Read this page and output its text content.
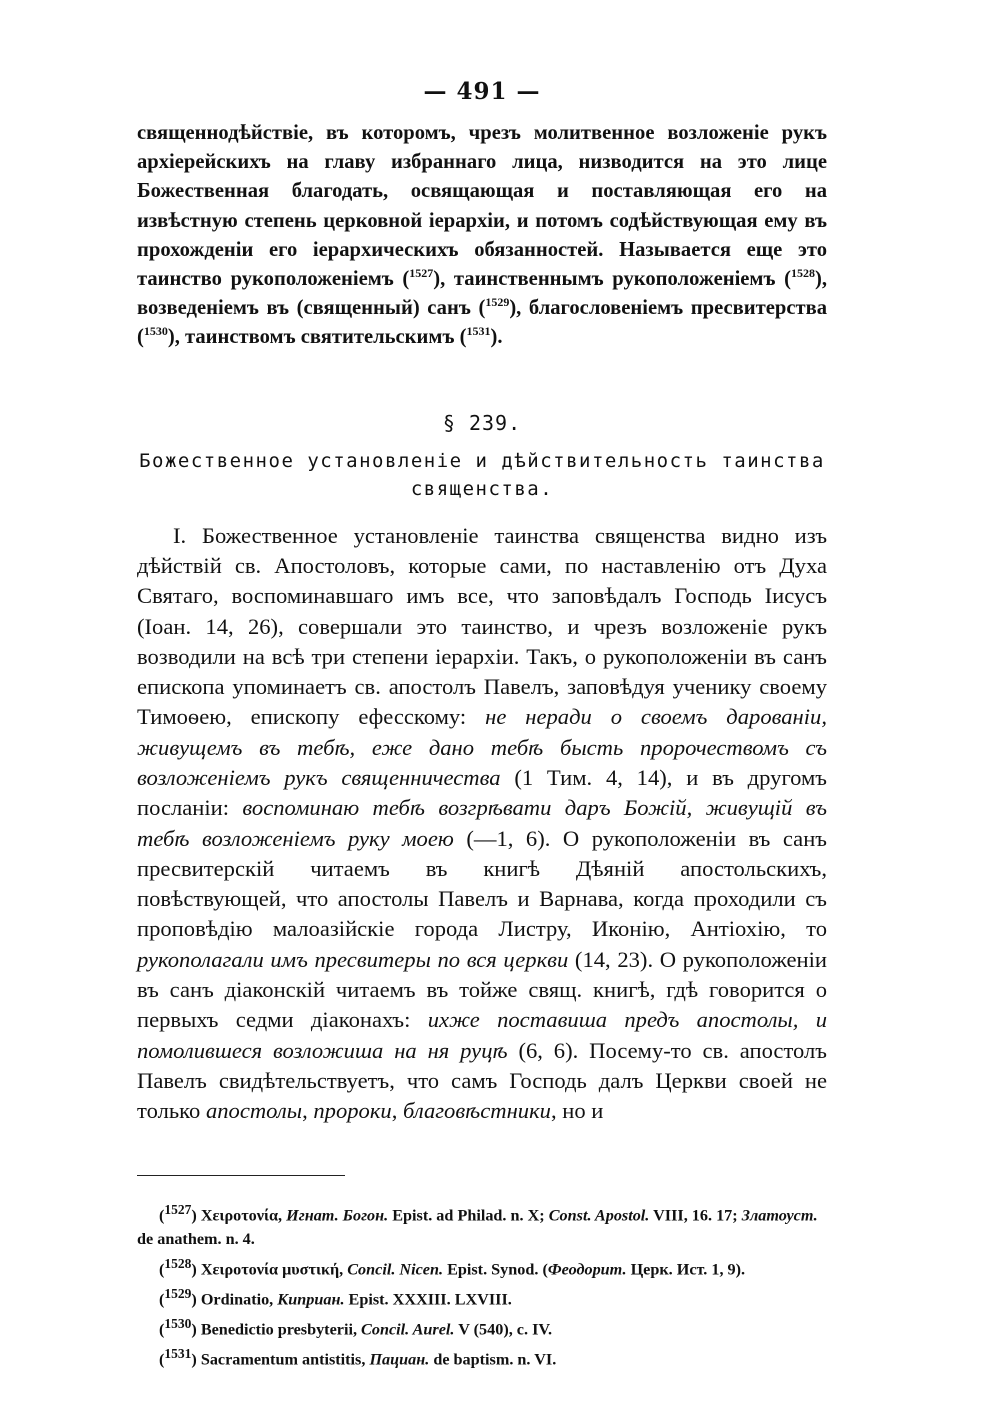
— 491 —

священнодѣйствіе, въ которомъ, чрезъ молитвенное возложеніе рукъ архіерейскихъ на главу избраннаго лица, низводится на это лице Божественная благодать, освящающая и поставляющая его на извѣстную степень церковной іерархіи, и потомъ содѣйствующая ему въ прохожденіи его іерархическихъ обязанностей. Называется еще это таинство рукоположеніемъ ($^{1527}$), таинственнымъ рукоположеніемъ ($^{1528}$), возведеніемъ въ (священный) санъ ($^{1529}$), благословеніемъ пресвитерства ($^{1530}$), таинствомъ святительскимъ ($^{1531}$).

§ 239.
Божественное установленіе и дѣйствительность таинства священства.

I. Божественное установленіе таинства священства видно изъ дѣйствій св. Апостоловъ, которые сами, по наставленію отъ Духа Святаго, воспоминавшаго имъ все, что заповѣдалъ Господь Іисусъ (Іоан. 14, 26), совершали это таинство, и чрезъ возложеніе рукъ возводили на всѣ три степени іерархіи. Такъ, о рукоположеніи въ санъ епископа упоминаетъ св. апостолъ Павелъ, заповѣдуя ученику своему Тимоѳею, епископу ефесскому: не неради о своемъ дарованіи, живущемъ въ тебѣ, еже дано тебѣ бысть пророчествомъ съ возложеніемъ рукъ священничества (1 Тим. 4, 14), и въ другомъ посланіи: воспоминаю тебѣ возгрѣвати даръ Божій, живущій въ тебѣ возложеніемъ руку моею (—1, 6). О рукоположеніи въ санъ пресвитерскій читаемъ въ книгѣ Дѣяній апостольскихъ, повѣствующей, что апостолы Павелъ и Варнава, когда проходили съ проповѣдію малоазійскіе города Листру, Иконію, Антіохію, то рукополагали имъ пресвитеры по вся церкви (14, 23). О рукоположеніи въ санъ діаконскій читаемъ въ тойже свящ. книгѣ, гдѣ говорится о первыхъ седми діаконахъ: ихже поставиша предъ апостолы, и помолившеся возложиша на ня руцѣ (6, 6). Посему-то св. апостолъ Павелъ свидѣтельствуетъ, что самъ Господь далъ Церкви своей не только апостолы, пророки, благовѣстники, но и

($^{1527}$) Χειροτονία, Игнат. Богон. Epist. ad Philad. n. X; Const. Apostol. VIII, 16. 17; Златоуст. de anathem. n. 4.

($^{1528}$) Χειροτονία μυστική, Concil. Nicen. Epist. Synod. (Феодорит. Церк. Ист. 1, 9).

($^{1529}$) Ordinatio, Киприан. Epist. XXXIII. LXVIII.

($^{1530}$) Benedictio presbyterii, Concil. Aurel. V (540), c. IV.

($^{1531}$) Sacramentum antistitis, Пациан. de baptism. n. VI.
